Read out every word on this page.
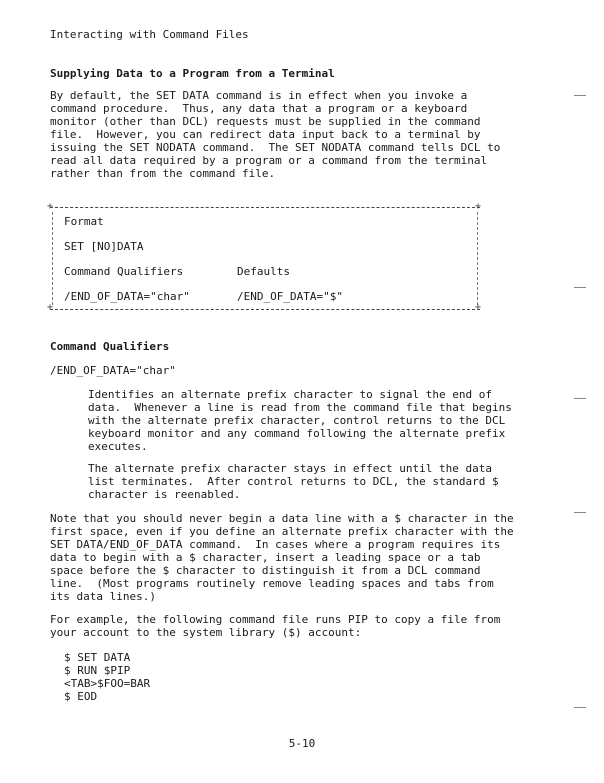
Interacting with Command Files
Supplying Data to a Program from a Terminal
By default, the SET DATA command is in effect when you invoke a
command procedure.  Thus, any data that a program or a keyboard
monitor (other than DCL) requests must be supplied in the command
file.  However, you can redirect data input back to a terminal by
issuing the SET NODATA command.  The SET NODATA command tells DCL to
read all data required by a program or a command from the terminal
rather than from the command file.
+	+
+	+
Format
SET [NO]DATA
Command Qualifiers	Defaults
/END_OF_DATA="char"	/END_OF_DATA="$"
Command Qualifiers
/END_OF_DATA="char"
Identifies an alternate prefix character to signal the end of
data.  Whenever a line is read from the command file that begins
with the alternate prefix character, control returns to the DCL
keyboard monitor and any command following the alternate prefix
executes.
The alternate prefix character stays in effect until the data
list terminates.  After control returns to DCL, the standard $
character is reenabled.
Note that you should never begin a data line with a $ character in the
first space, even if you define an alternate prefix character with the
SET DATA/END_OF_DATA command.  In cases where a program requires its
data to begin with a $ character, insert a leading space or a tab
space before the $ character to distinguish it from a DCL command
line.  (Most programs routinely remove leading spaces and tabs from
its data lines.)
For example, the following command file runs PIP to copy a file from
your account to the system library ($) account:
$ SET DATA
$ RUN $PIP
<TAB>$FOO=BAR
$ EOD
5-10
